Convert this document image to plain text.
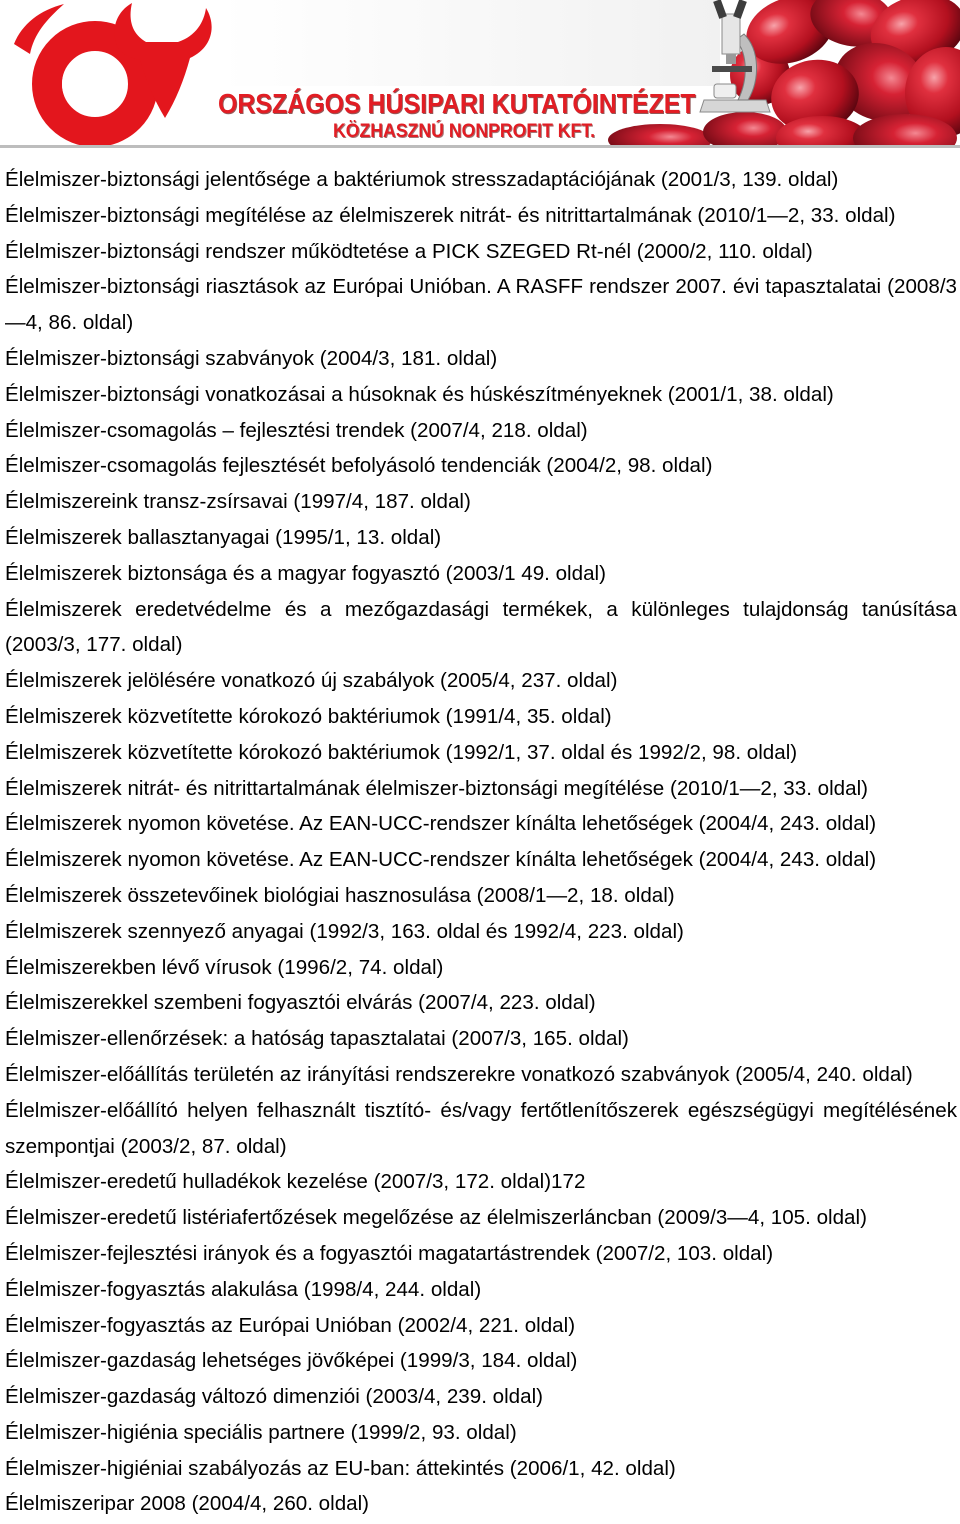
ORSZÁGOS HÚSIPARI KUTATÓINTÉZET
KÖZHASZNÚ NONPROFIT KFT.

Élelmiszer-biztonsági jelentősége a baktériumok stresszadaptációjának (2001/3, 139. oldal)

Élelmiszer-biztonsági megítélése az élelmiszerek nitrát- és nitrittartalmának (2010/1—2, 33. oldal)

Élelmiszer-biztonsági rendszer működtetése a PICK SZEGED Rt-nél (2000/2, 110. oldal)

Élelmiszer-biztonsági riasztások az Európai Unióban. A RASFF rendszer 2007. évi tapasztalatai (2008/3—4, 86. oldal)

Élelmiszer-biztonsági szabványok (2004/3, 181. oldal)

Élelmiszer-biztonsági vonatkozásai a húsoknak és húskészítményeknek (2001/1, 38. oldal)

Élelmiszer-csomagolás – fejlesztési trendek (2007/4, 218. oldal)

Élelmiszer-csomagolás fejlesztését befolyásoló tendenciák (2004/2, 98. oldal)

Élelmiszereink transz-zsírsavai (1997/4, 187. oldal)

Élelmiszerek ballasztanyagai (1995/1, 13. oldal)

Élelmiszerek biztonsága és a magyar fogyasztó (2003/1 49. oldal)

Élelmiszerek eredetvédelme és a mezőgazdasági termékek, a különleges tulajdonság tanúsítása (2003/3, 177. oldal)

Élelmiszerek jelölésére vonatkozó új szabályok (2005/4, 237. oldal)

Élelmiszerek közvetítette kórokozó baktériumok (1991/4, 35. oldal)

Élelmiszerek közvetítette kórokozó baktériumok (1992/1, 37. oldal és 1992/2, 98. oldal)

Élelmiszerek nitrát- és nitrittartalmának élelmiszer-biztonsági megítélése (2010/1—2, 33. oldal)

Élelmiszerek nyomon követése. Az EAN-UCC-rendszer kínálta lehetőségek (2004/4, 243. oldal)

Élelmiszerek nyomon követése. Az EAN-UCC-rendszer kínálta lehetőségek (2004/4, 243. oldal)

Élelmiszerek összetevőinek biológiai hasznosulása (2008/1—2, 18. oldal)

Élelmiszerek szennyező anyagai (1992/3, 163. oldal és 1992/4, 223. oldal)

Élelmiszerekben lévő vírusok (1996/2, 74. oldal)

Élelmiszerekkel szembeni fogyasztói elvárás (2007/4, 223. oldal)

Élelmiszer-ellenőrzések: a hatóság tapasztalatai (2007/3, 165. oldal)

Élelmiszer-előállítás területén az irányítási rendszerekre vonatkozó szabványok (2005/4, 240. oldal)

Élelmiszer-előállító helyen felhasznált tisztító- és/vagy fertőtlenítőszerek egészségügyi megítélésének szempontjai (2003/2, 87. oldal)

Élelmiszer-eredetű hulladékok kezelése (2007/3, 172. oldal)172

Élelmiszer-eredetű listériafertőzések megelőzése az élelmiszerláncban (2009/3—4, 105. oldal)

Élelmiszer-fejlesztési irányok és a fogyasztói magatartástrendek (2007/2, 103. oldal)

Élelmiszer-fogyasztás alakulása (1998/4, 244. oldal)

Élelmiszer-fogyasztás az Európai Unióban (2002/4, 221. oldal)

Élelmiszer-gazdaság lehetséges jövőképei (1999/3, 184. oldal)

Élelmiszer-gazdaság változó dimenziói (2003/4, 239. oldal)

Élelmiszer-higiénia speciális partnere (1999/2, 93. oldal)

Élelmiszer-higiéniai szabályozás az EU-ban: áttekintés (2006/1, 42. oldal)

Élelmiszeripar 2008 (2004/4, 260. oldal)
